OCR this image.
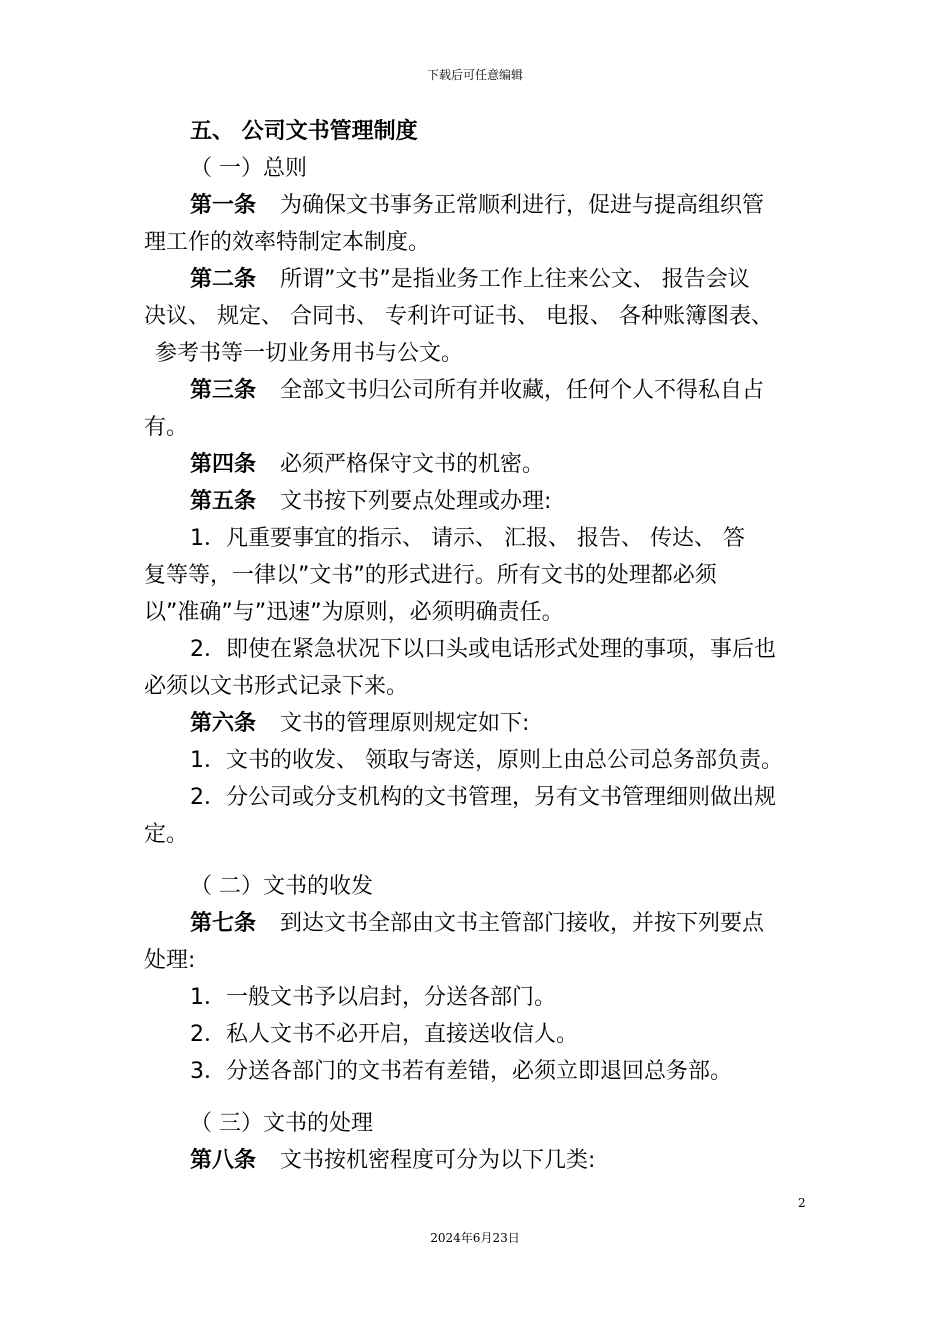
下载后可任意编辑
五、 公司文书管理制度
（ 一）总则
第一条 为确保文书事务正常顺利进行，促进与提高组织管
理工作的效率特制定本制度。
第二条 所谓”文书”是指业务工作上往来公文、 报告会议
决议、 规定、 合同书、 专利许可证书、 电报、 各种账簿图表、
参考书等一切业务用书与公文。
第三条 全部文书归公司所有并收藏，任何个人不得私自占
有。
第四条 必须严格保守文书的机密。
第五条 文书按下列要点处理或办理:
1．凡重要事宜的指示、 请示、 汇报、 报告、 传达、 答
复等等，一律以”文书”的形式进行。所有文书的处理都必须
以”准确”与”迅速”为原则，必须明确责任。
2．即使在紧急状况下以口头或电话形式处理的事项，事后也
必须以文书形式记录下来。
第六条 文书的管理原则规定如下:
1．文书的收发、 领取与寄送，原则上由总公司总务部负责。
2．分公司或分支机构的文书管理，另有文书管理细则做出规
定。
（ 二）文书的收发
第七条 到达文书全部由文书主管部门接收，并按下列要点
处理:
1．一般文书予以启封，分送各部门。
2．私人文书不必开启，直接送收信人。
3．分送各部门的文书若有差错，必须立即退回总务部。
（ 三）文书的处理
第八条 文书按机密程度可分为以下几类:
2
2024年6月23日
